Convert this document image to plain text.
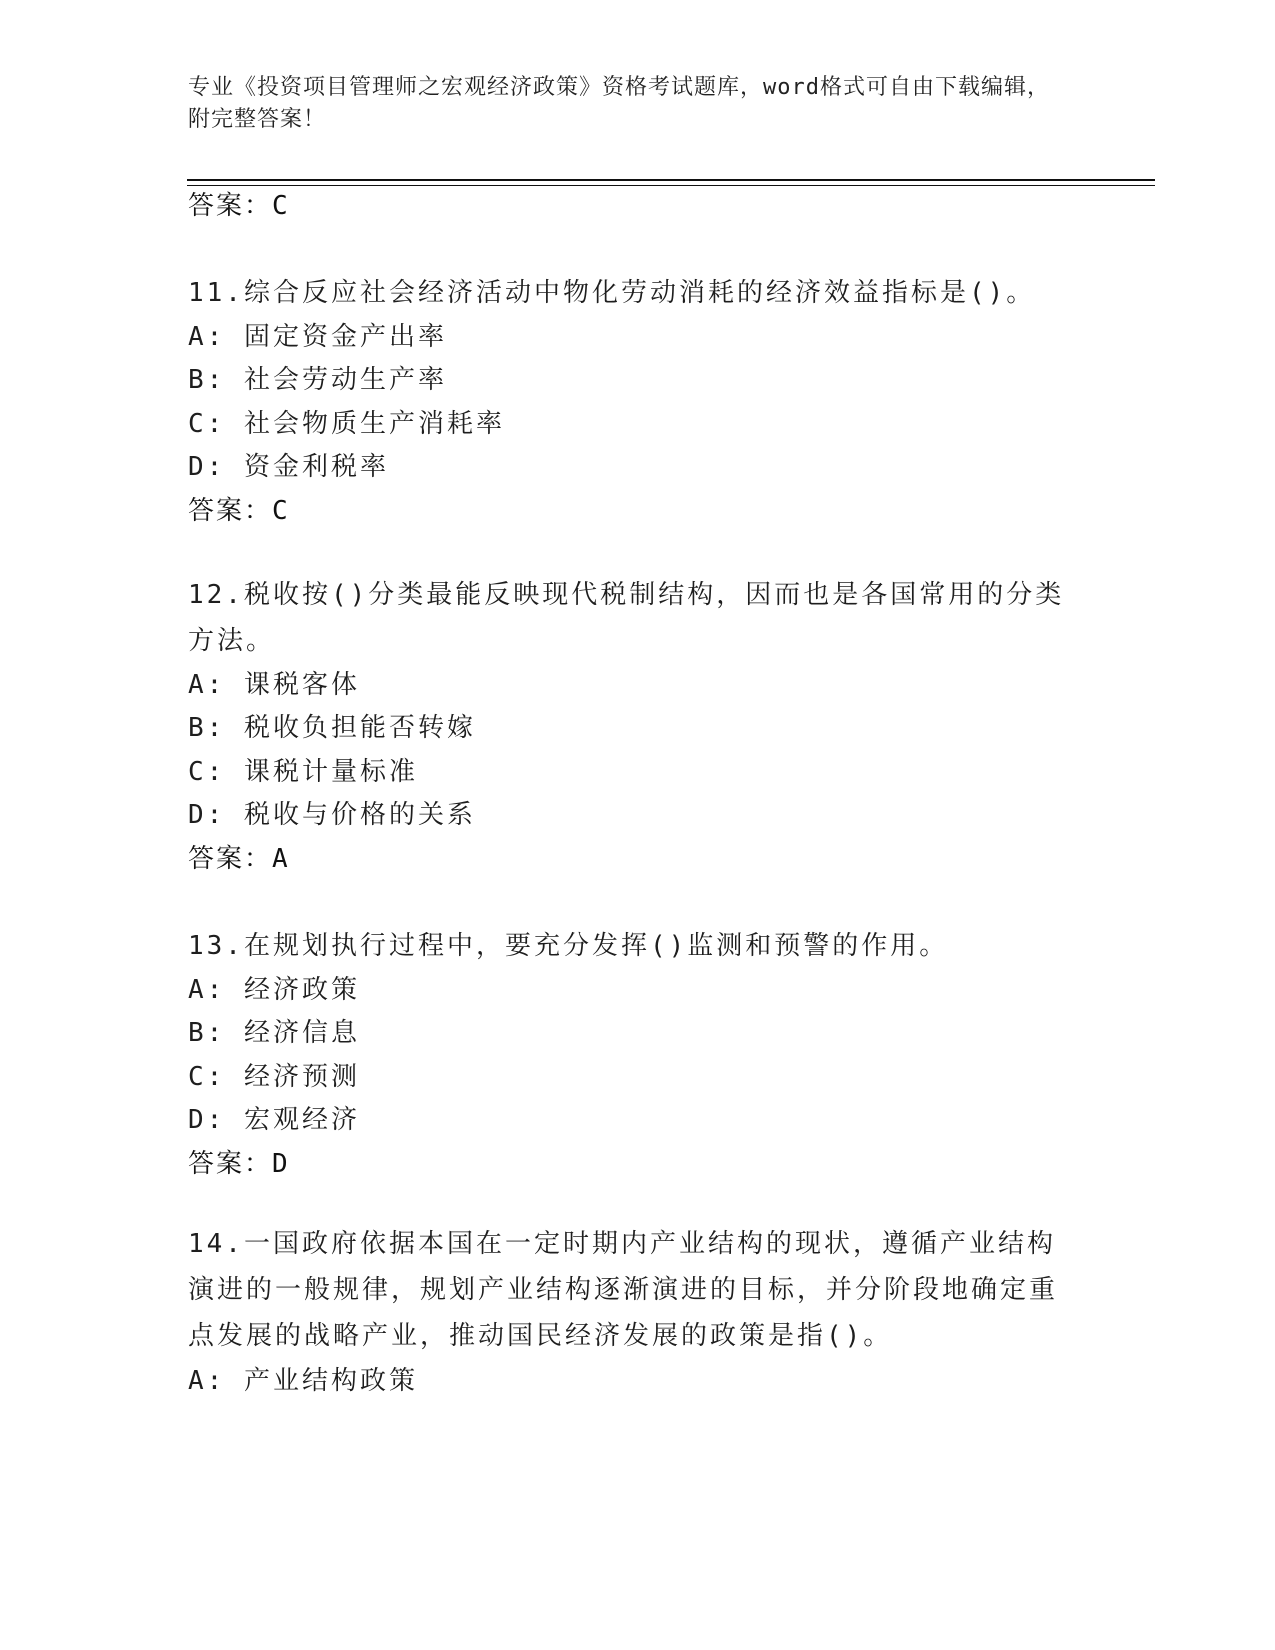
专业《投资项目管理师之宏观经济政策》资格考试题库，word格式可自由下载编辑，附完整答案！
答案：C
11.综合反应社会经济活动中物化劳动消耗的经济效益指标是()。
A: 固定资金产出率
B: 社会劳动生产率
C: 社会物质生产消耗率
D: 资金利税率
答案：C
12.税收按()分类最能反映现代税制结构，因而也是各国常用的分类方法。
A: 课税客体
B: 税收负担能否转嫁
C: 课税计量标准
D: 税收与价格的关系
答案：A
13.在规划执行过程中，要充分发挥()监测和预警的作用。
A: 经济政策
B: 经济信息
C: 经济预测
D: 宏观经济
答案：D
14.一国政府依据本国在一定时期内产业结构的现状，遵循产业结构演进的一般规律，规划产业结构逐渐演进的目标，并分阶段地确定重点发展的战略产业，推动国民经济发展的政策是指()。
A: 产业结构政策
